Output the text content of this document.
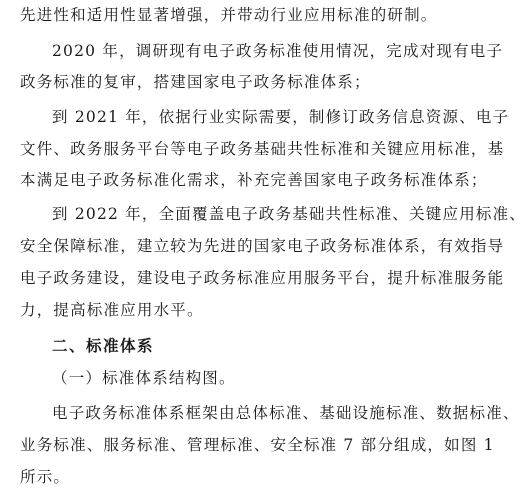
先进性和适用性显著增强，并带动行业应用标准的研制。
2020 年，调研现有电子政务标准使用情况，完成对现有电子
政务标准的复审，搭建国家电子政务标准体系；
到 2021 年，依据行业实际需要，制修订政务信息资源、电子
文件、政务服务平台等电子政务基础共性标准和关键应用标准，基
本满足电子政务标准化需求，补充完善国家电子政务标准体系；
到 2022 年，全面覆盖电子政务基础共性标准、关键应用标准、
安全保障标准，建立较为先进的国家电子政务标准体系，有效指导
电子政务建设，建设电子政务标准应用服务平台，提升标准服务能
力，提高标准应用水平。
二、标准体系
（一）标准体系结构图。
电子政务标准体系框架由总体标准、基础设施标准、数据标准、
业务标准、服务标准、管理标准、安全标准 7 部分组成，如图 1
所示。
